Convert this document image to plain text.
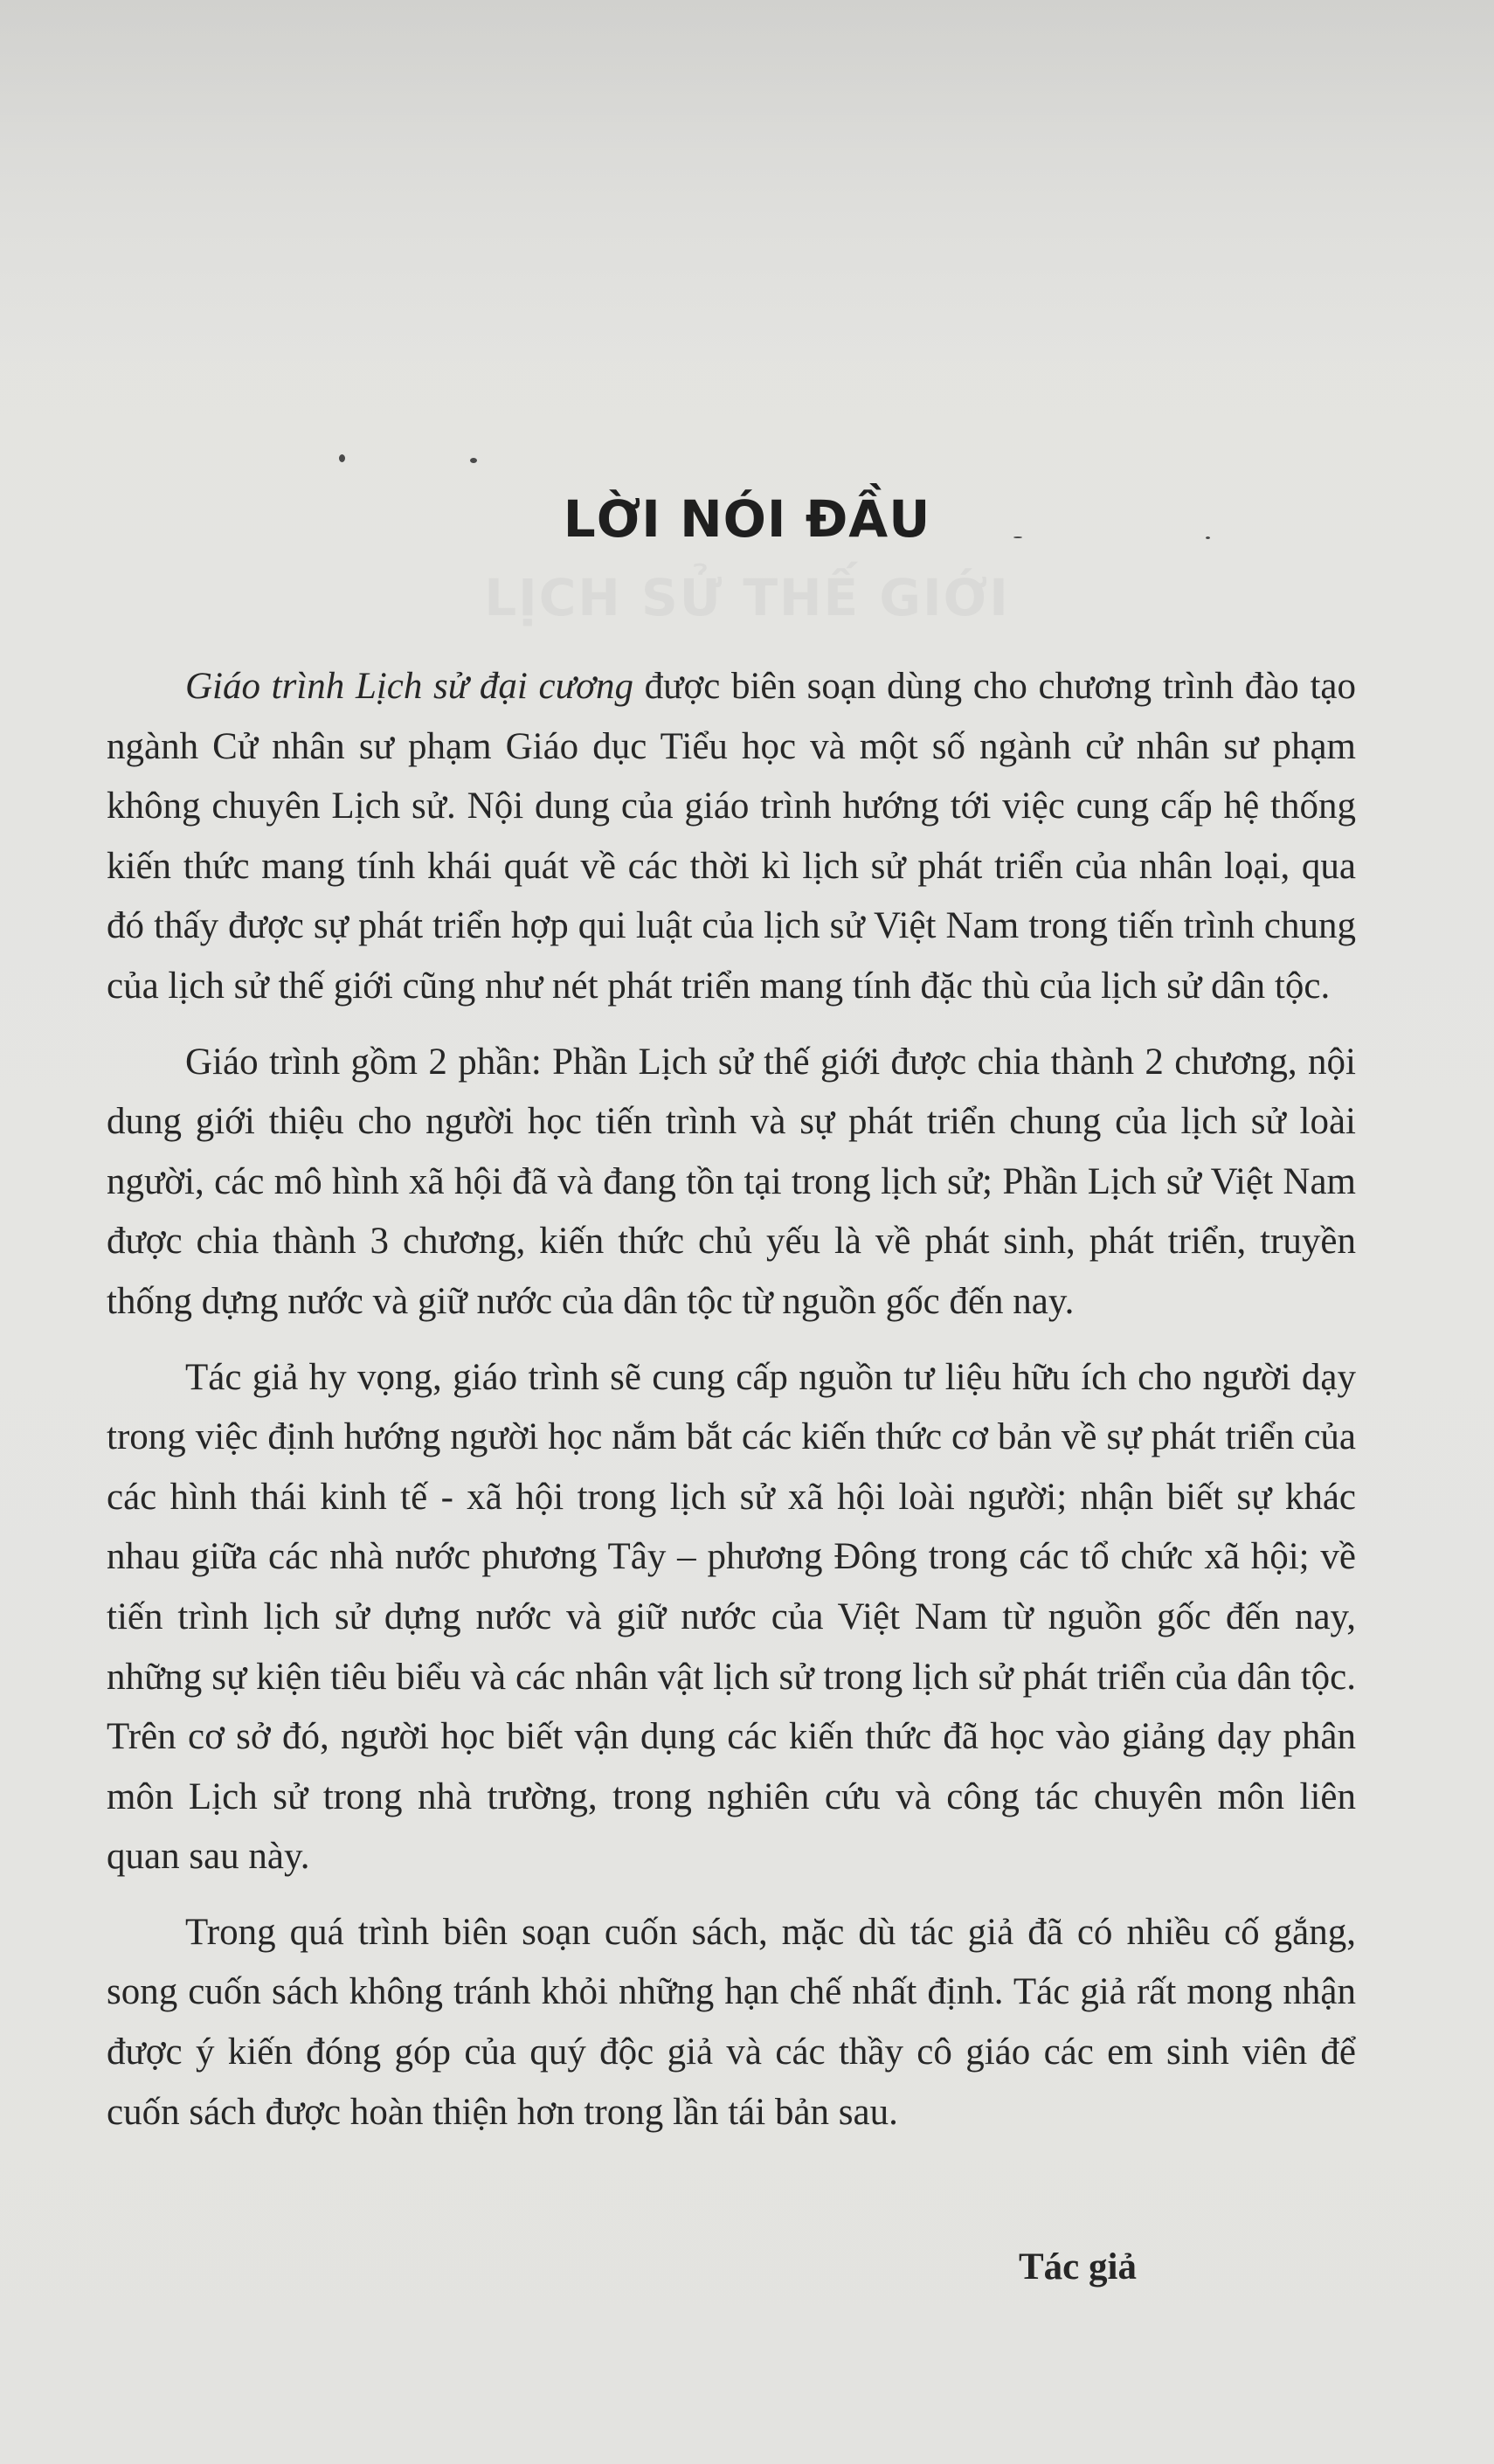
LỊCH SỬ THẾ GIỚI
LỜI NÓI ĐẦU

Giáo trình Lịch sử đại cương được biên soạn dùng cho chương trình đào tạo ngành Cử nhân sư phạm Giáo dục Tiểu học và một số ngành cử nhân sư phạm không chuyên Lịch sử. Nội dung của giáo trình hướng tới việc cung cấp hệ thống kiến thức mang tính khái quát về các thời kì lịch sử phát triển của nhân loại, qua đó thấy được sự phát triển hợp qui luật của lịch sử Việt Nam trong tiến trình chung của lịch sử thế giới cũng như nét phát triển mang tính đặc thù của lịch sử dân tộc.

Giáo trình gồm 2 phần: Phần Lịch sử thế giới được chia thành 2 chương, nội dung giới thiệu cho người học tiến trình và sự phát triển chung của lịch sử loài người, các mô hình xã hội đã và đang tồn tại trong lịch sử; Phần Lịch sử Việt Nam được chia thành 3 chương, kiến thức chủ yếu là về phát sinh, phát triển, truyền thống dựng nước và giữ nước của dân tộc từ nguồn gốc đến nay.

Tác giả hy vọng, giáo trình sẽ cung cấp nguồn tư liệu hữu ích cho người dạy trong việc định hướng người học nắm bắt các kiến thức cơ bản về sự phát triển của các hình thái kinh tế - xã hội trong lịch sử xã hội loài người; nhận biết sự khác nhau giữa các nhà nước phương Tây – phương Đông trong các tổ chức xã hội; về tiến trình lịch sử dựng nước và giữ nước của Việt Nam từ nguồn gốc đến nay, những sự kiện tiêu biểu và các nhân vật lịch sử trong lịch sử phát triển của dân tộc. Trên cơ sở đó, người học biết vận dụng các kiến thức đã học vào giảng dạy phân môn Lịch sử trong nhà trường, trong nghiên cứu và công tác chuyên môn liên quan sau này.

Trong quá trình biên soạn cuốn sách, mặc dù tác giả đã có nhiều cố gắng, song cuốn sách không tránh khỏi những hạn chế nhất định. Tác giả rất mong nhận được ý kiến đóng góp của quý độc giả và các thầy cô giáo các em sinh viên để cuốn sách được hoàn thiện hơn trong lần tái bản sau.

Tác giả
